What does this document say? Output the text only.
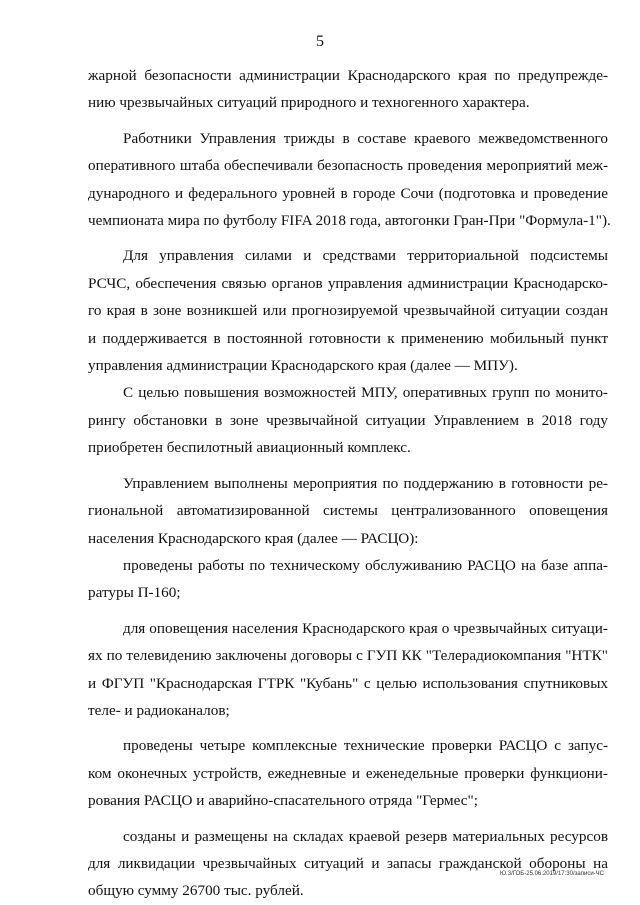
5
жарной безопасности администрации Краснодарского края по предупрежде-
нию чрезвычайных ситуаций природного и техногенного характера.
Работники Управления трижды в составе краевого межведомственного
оперативного штаба обеспечивали безопасность проведения мероприятий меж-
дународного и федерального уровней в городе Сочи (подготовка и проведение
чемпионата мира по футболу FIFA 2018 года, автогонки Гран-При "Формула-1").
Для управления силами и средствами территориальной подсистемы
РСЧС, обеспечения связью органов управления администрации Краснодарско-
го края в зоне возникшей или прогнозируемой чрезвычайной ситуации создан
и поддерживается в постоянной готовности к применению мобильный пункт
управления администрации Краснодарского края (далее — МПУ).
С целью повышения возможностей МПУ, оперативных групп по монито-
рингу обстановки в зоне чрезвычайной ситуации Управлением в 2018 году
приобретен беспилотный авиационный комплекс.
Управлением выполнены мероприятия по поддержанию в готовности ре-
гиональной автоматизированной системы централизованного оповещения
населения Краснодарского края (далее — РАСЦО):
проведены работы по техническому обслуживанию РАСЦО на базе аппа-
ратуры П-160;
для оповещения населения Краснодарского края о чрезвычайных ситуаци-
ях по телевидению заключены договоры с ГУП КК "Телерадиокомпания "НТК"
и ФГУП "Краснодарская ГТРК "Кубань" с целью использования спутниковых
теле- и радиоканалов;
проведены четыре комплексные технические проверки РАСЦО с запус-
ком оконечных устройств, ежедневные и еженедельные проверки функциони-
рования РАСЦО и аварийно-спасательного отряда "Гермес";
созданы и размещены на складах краевой резерв материальных ресурсов
для ликвидации чрезвычайных ситуаций и запасы гражданской обороны на
общую сумму 26700 тыс. рублей.
Ю.3/ГОБ-25.06.2019/17:30/записи-ЧС
